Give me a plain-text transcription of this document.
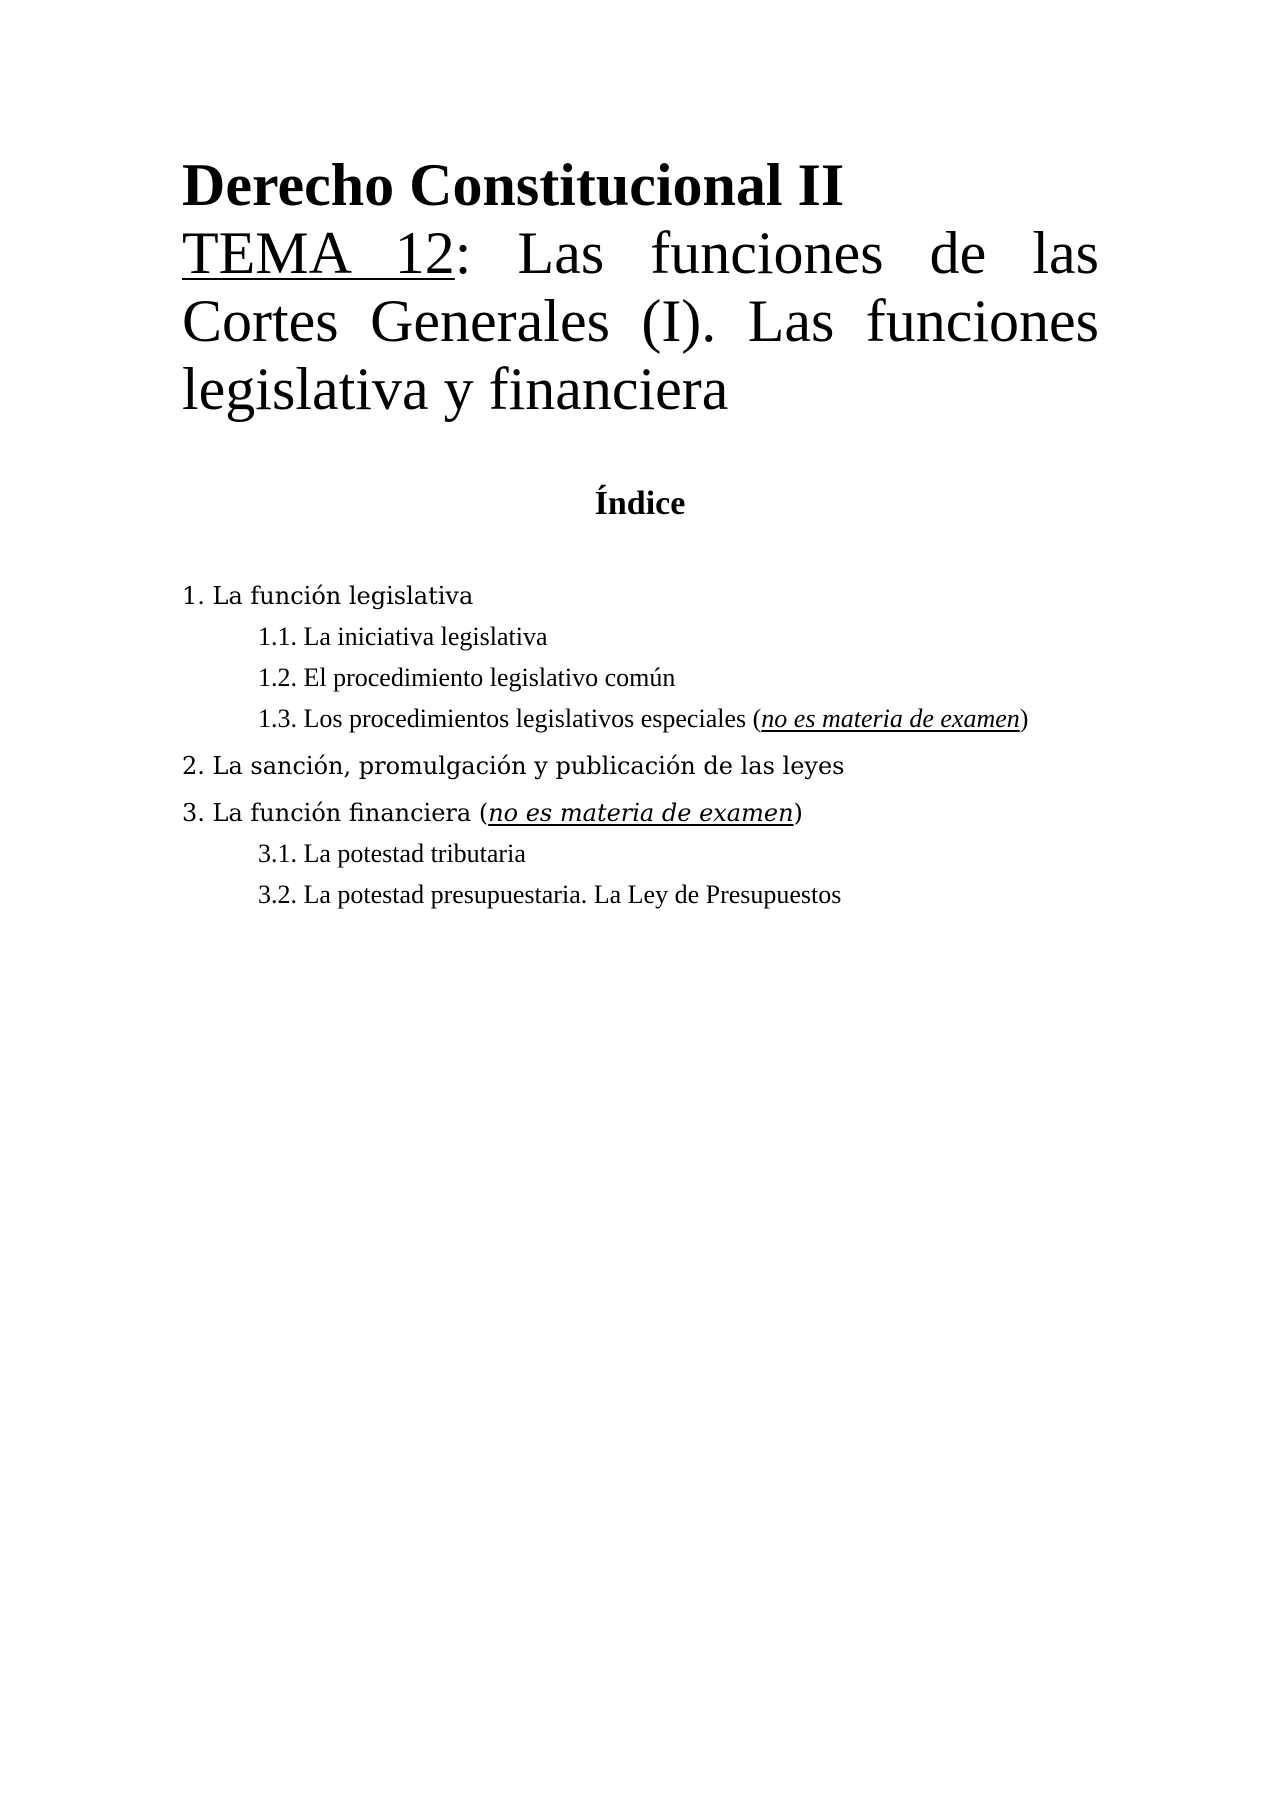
Derecho Constitucional II
TEMA 12: Las funciones de las
Cortes Generales (I). Las funciones
legislativa y financiera
Índice
1. La función legislativa
1.1. La iniciativa legislativa
1.2. El procedimiento legislativo común
1.3. Los procedimientos legislativos especiales (no es materia de examen)
2. La sanción, promulgación y publicación de las leyes
3. La función financiera (no es materia de examen)
3.1. La potestad tributaria
3.2. La potestad presupuestaria. La Ley de Presupuestos
